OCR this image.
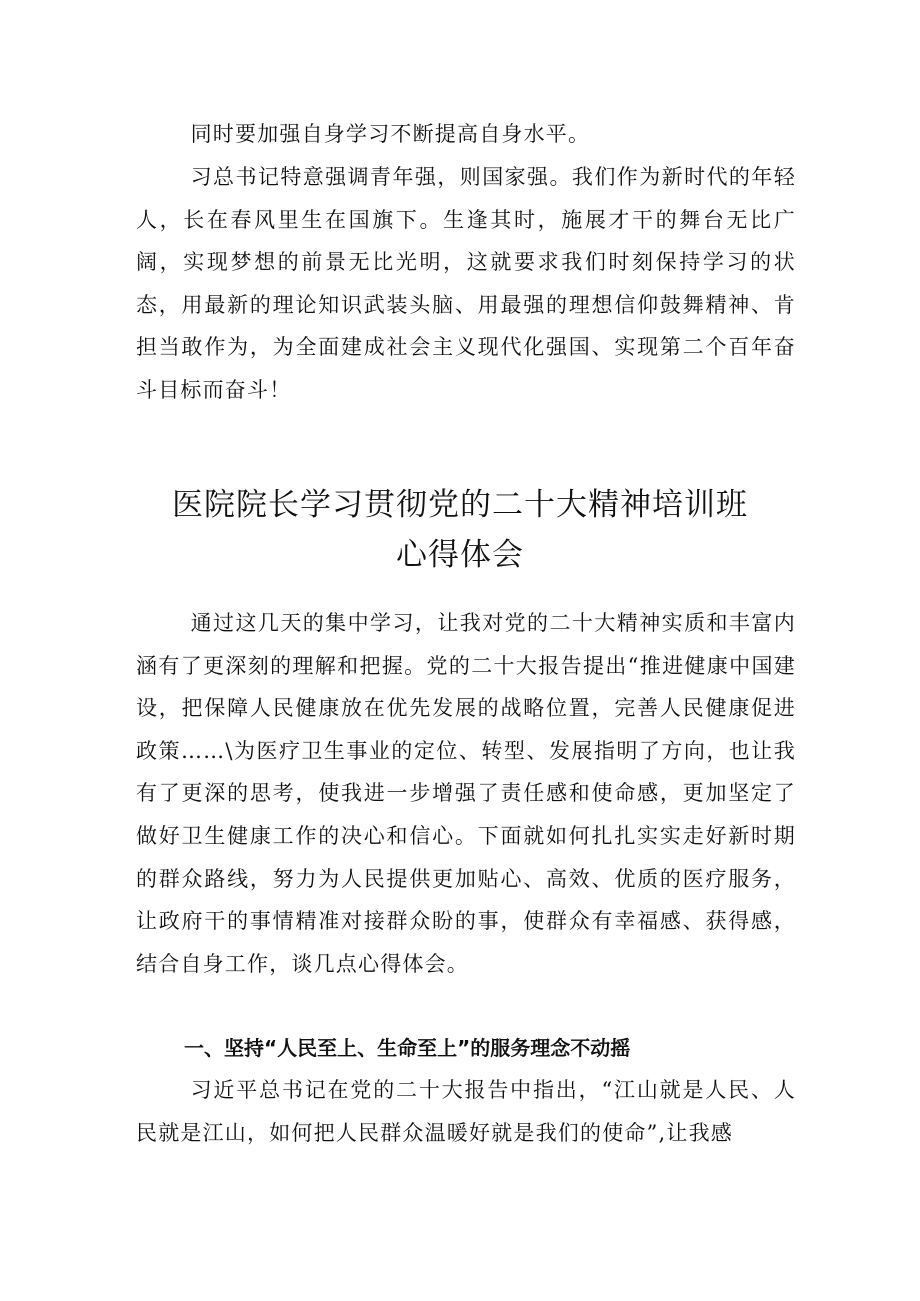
同时要加强自身学习不断提高自身水平。

习总书记特意强调青年强，则国家强。我们作为新时代的年轻人，长在春风里生在国旗下。生逢其时，施展才干的舞台无比广阔，实现梦想的前景无比光明，这就要求我们时刻保持学习的状态，用最新的理论知识武装头脑、用最强的理想信仰鼓舞精神、肯担当敢作为，为全面建成社会主义现代化强国、实现第二个百年奋斗目标而奋斗！

医院院长学习贯彻党的二十大精神培训班
心得体会

通过这几天的集中学习，让我对党的二十大精神实质和丰富内涵有了更深刻的理解和把握。党的二十大报告提出“推进健康中国建设，把保障人民健康放在优先发展的战略位置，完善人民健康促进政策……\为医疗卫生事业的定位、转型、发展指明了方向，也让我有了更深的思考，使我进一步增强了责任感和使命感，更加坚定了做好卫生健康工作的决心和信心。下面就如何扎扎实实走好新时期的群众路线，努力为人民提供更加贴心、高效、优质的医疗服务，让政府干的事情精准对接群众盼的事，使群众有幸福感、获得感，结合自身工作，谈几点心得体会。

一、坚持“人民至上、生命至上”的服务理念不动摇

习近平总书记在党的二十大报告中指出，“江山就是人民、人民就是江山，如何把人民群众温暖好就是我们的使命”,让我感
